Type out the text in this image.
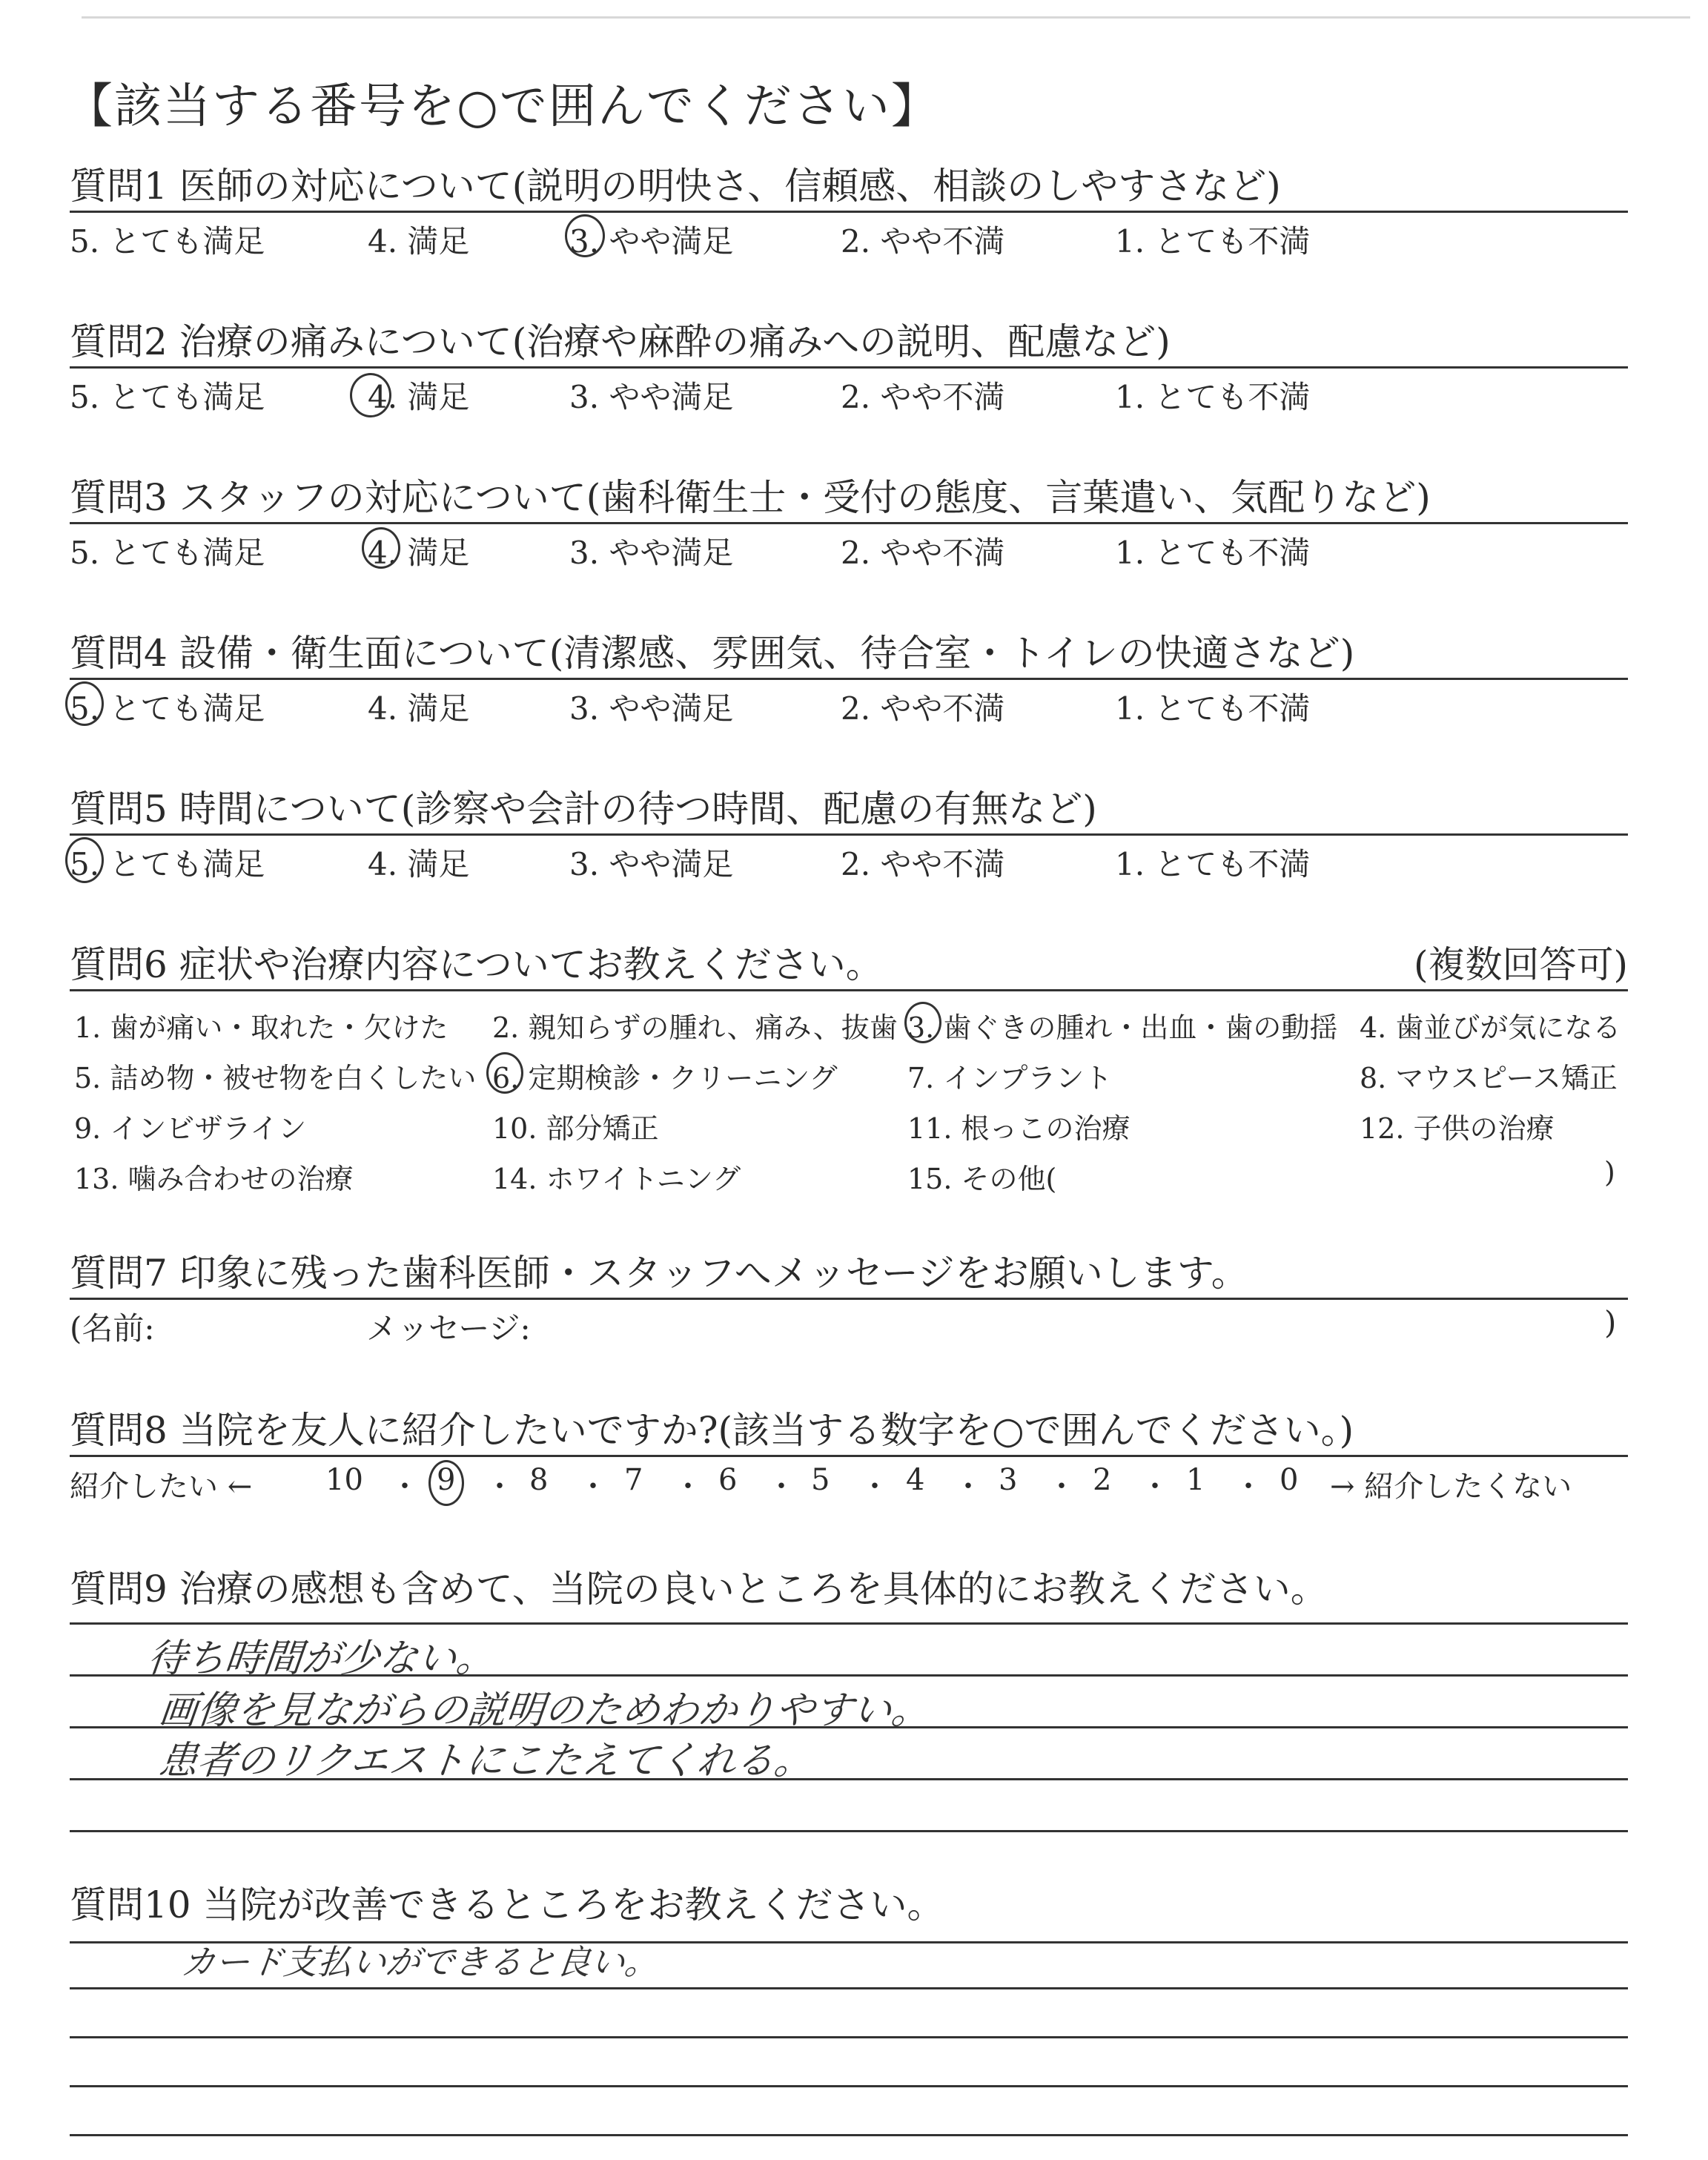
【該当する番号を○で囲んでください】
質問1 医師の対応について(説明の明快さ、信頼感、相談のしやすさなど)
5. とても満足	4. 満足	3. やや満足	2. やや不満	1. とても不満
質問2 治療の痛みについて(治療や麻酔の痛みへの説明、配慮など)
5. とても満足	4. 満足	3. やや満足	2. やや不満	1. とても不満
質問3 スタッフの対応について(歯科衛生士・受付の態度、言葉遣い、気配りなど)
5. とても満足	4. 満足	3. やや満足	2. やや不満	1. とても不満
質問4 設備・衛生面について(清潔感、雰囲気、待合室・トイレの快適さなど)
5. とても満足	4. 満足	3. やや満足	2. やや不満	1. とても不満
質問5 時間について(診察や会計の待つ時間、配慮の有無など)
5. とても満足	4. 満足	3. やや満足	2. やや不満	1. とても不満
質問6 症状や治療内容についてお教えください。	(複数回答可)
1. 歯が痛い・取れた・欠けた 2. 親知らずの腫れ、痛み、抜歯 3. 歯ぐきの腫れ・出血・歯の動揺 4. 歯並びが気になる
5. 詰め物・被せ物を白くしたい 6. 定期検診・クリーニング 7. インプラント	8. マウスピース矯正
9. インビザライン	10. 部分矯正	11. 根っこの治療	12. 子供の治療
13. 噛み合わせの治療	14. ホワイトニング	15. その他(	)
質問7 印象に残った歯科医師・スタッフへメッセージをお願いします。
(名前:	メッセージ:	)
質問8 当院を友人に紹介したいですか?(該当する数字を○で囲んでください。)
紹介したい ← 10 ・ 9 ・ 8 ・ 7 ・ 6 ・ 5 ・ 4 ・ 3 ・ 2 ・ 1 ・ 0 → 紹介したくない
質問9 治療の感想も含めて、当院の良いところを具体的にお教えください。
待ち時間が少ない。
画像を見ながらの説明のためわかりやすい。
患者のリクエストにこたえてくれる。
質問10 当院が改善できるところをお教えください。
カード支払いができると良い。
